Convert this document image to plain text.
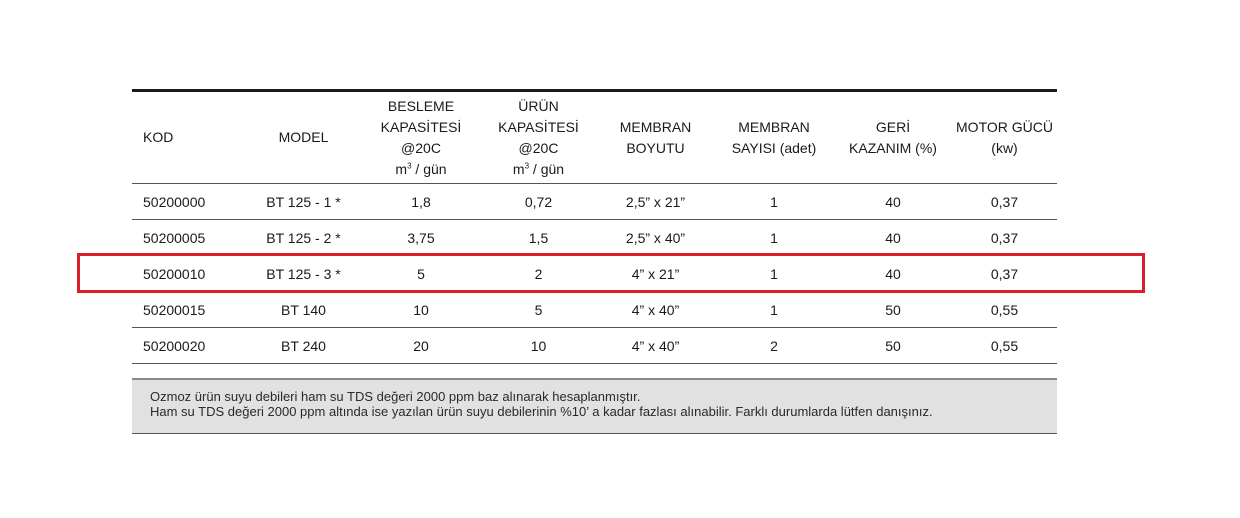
KOD	MODEL	BESLEME
KAPASİTESİ
@20C
$m^3$ / gün	ÜRÜN
KAPASİTESİ
@20C
$m^3$ / gün	MEMBRAN
BOYUTU	MEMBRAN
SAYISI (adet)	GERİ
KAZANIM (%)	MOTOR GÜCÜ
(kw)

50200000	BT 125 - 1 *	1,8	0,72	2,5” x 21”	1	40	0,37
50200005	BT 125 - 2 *	3,75	1,5	2,5” x 40”	1	40	0,37
50200010	BT 125 - 3 *	5	2	4” x 21”	1	40	0,37
50200015	BT 140	10	5	4” x 40”	1	50	0,55
50200020	BT 240	20	10	4” x 40”	2	50	0,55
Ozmoz ürün suyu debileri ham su TDS değeri 2000 ppm baz alınarak hesaplanmıştır.
Ham su TDS değeri 2000 ppm altında ise yazılan ürün suyu debilerinin %10’ a kadar fazlası alınabilir. Farklı durumlarda lütfen danışınız.
